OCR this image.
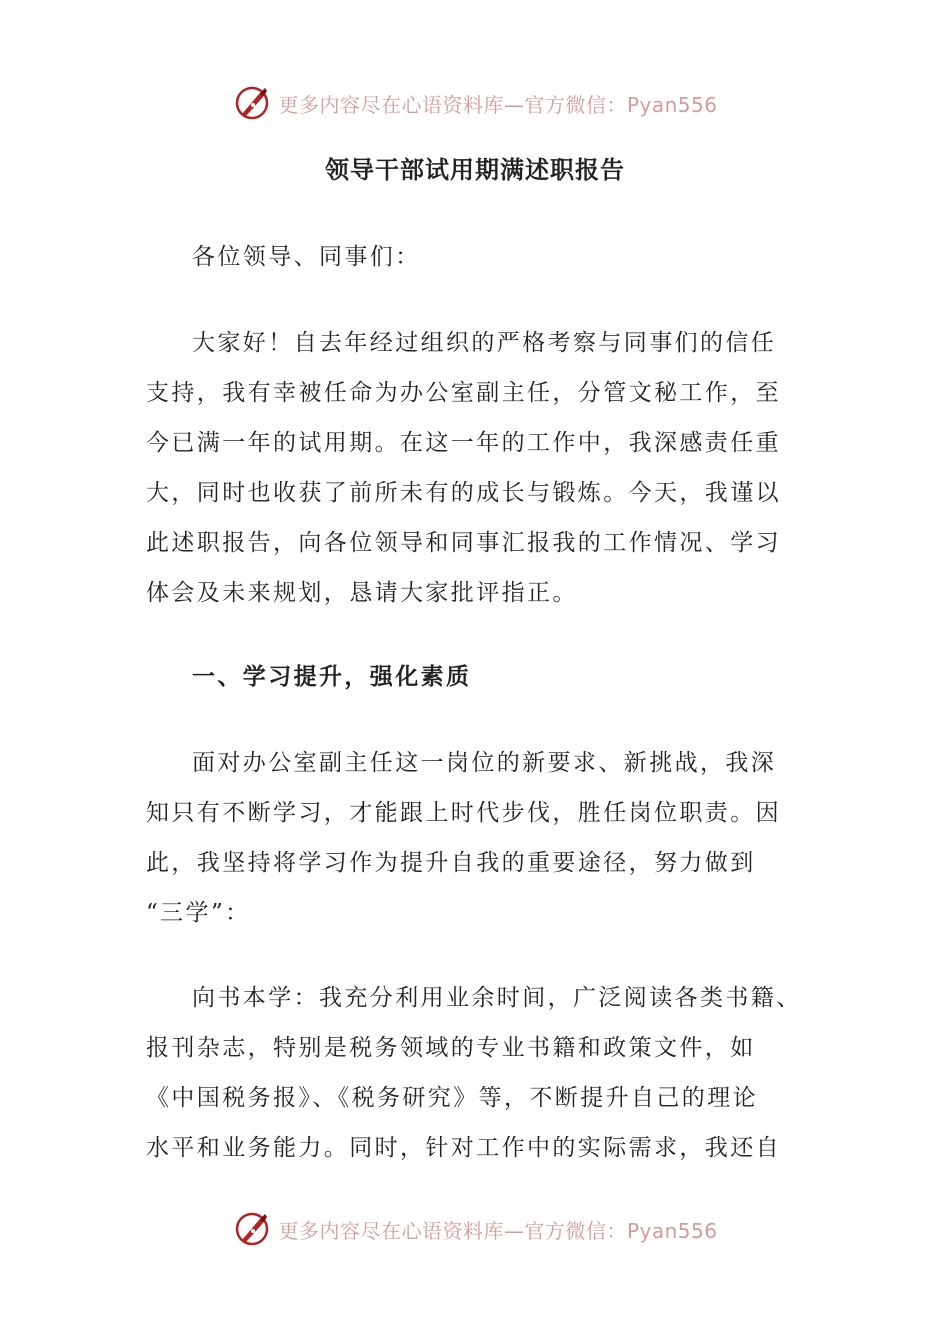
更多内容尽在心语资料库—官方微信：Pyan556
领导干部试用期满述职报告
各位领导、同事们：
大家好！自去年经过组织的严格考察与同事们的信任
支持，我有幸被任命为办公室副主任，分管文秘工作，至
今已满一年的试用期。在这一年的工作中，我深感责任重
大，同时也收获了前所未有的成长与锻炼。今天，我谨以
此述职报告，向各位领导和同事汇报我的工作情况、学习
体会及未来规划，恳请大家批评指正。
一、学习提升，强化素质
面对办公室副主任这一岗位的新要求、新挑战，我深
知只有不断学习，才能跟上时代步伐，胜任岗位职责。因
此，我坚持将学习作为提升自我的重要途径，努力做到
“三学”：
向书本学：我充分利用业余时间，广泛阅读各类书籍、
报刊杂志，特别是税务领域的专业书籍和政策文件，如
《中国税务报》、《税务研究》等，不断提升自己的理论
水平和业务能力。同时，针对工作中的实际需求，我还自
更多内容尽在心语资料库—官方微信：Pyan556
